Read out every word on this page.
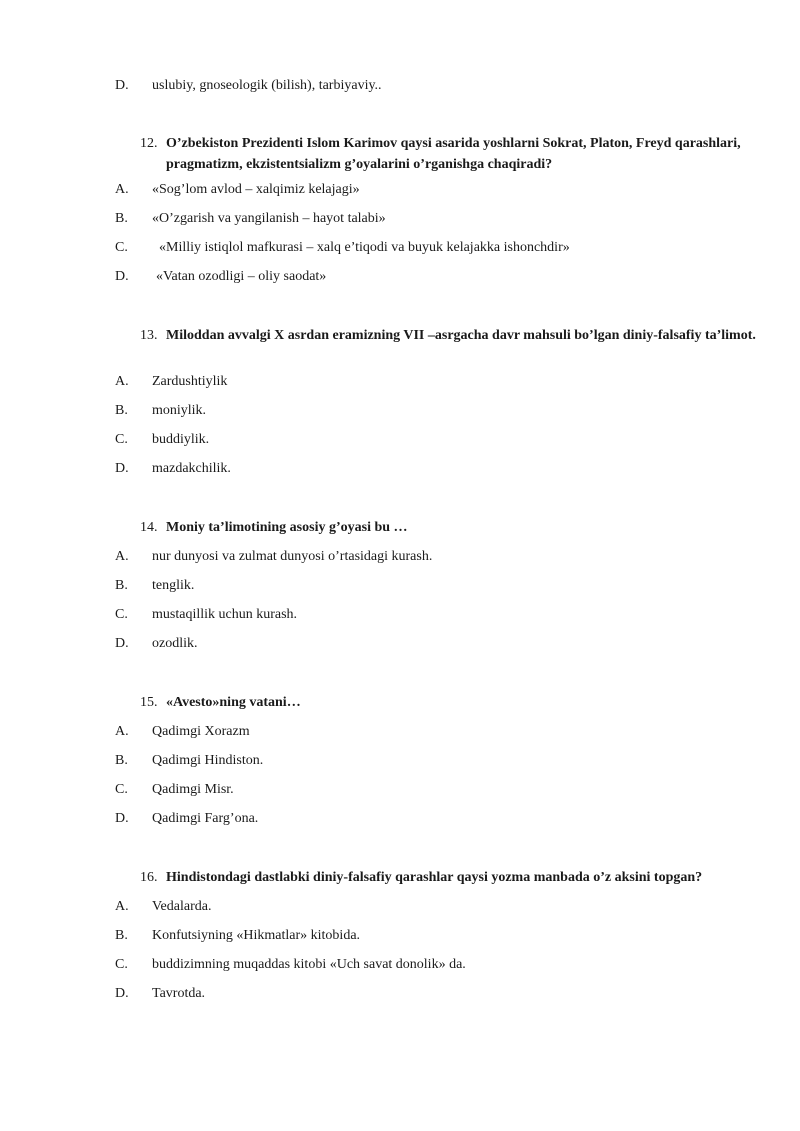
D. uslubiy, gnoseologik (bilish), tarbiyaviy..
12. O’zbekiston Prezidenti Islom Karimov qaysi asarida yoshlarni Sokrat, Platon, Freyd qarashlari, pragmatizm, ekzistentsializm g’oyalarini o’rganishga chaqiradi?
A. «Sog’lom avlod – xalqimiz kelajagi»
B. «O’zgarish va yangilanish – hayot talabi»
C. «Milliy istiqlol mafkurasi – xalq e’tiqodi va buyuk kelajakka ishonchdir»
D. «Vatan ozodligi – oliy saodat»
13. Miloddan avvalgi X asrdan eramizning VII –asrgacha davr mahsuli bo’lgan diniy-falsafiy ta’limot.
A. Zardushtiylik
B. moniylik.
C. buddiylik.
D. mazdakchilik.
14. Moniy ta’limotining asosiy g’oyasi bu …
A. nur dunyosi va zulmat dunyosi o’rtasidagi kurash.
B. tenglik.
C. mustaqillik uchun kurash.
D. ozodlik.
15. «Avesto»ning vatani…
A. Qadimgi Xorazm
B. Qadimgi Hindiston.
C. Qadimgi Misr.
D. Qadimgi Farg’ona.
16. Hindistondagi dastlabki diniy-falsafiy qarashlar qaysi yozma manbada o’z aksini topgan?
A. Vedalarda.
B. Konfutsiyning «Hikmatlar» kitobida.
C. buddizimning muqaddas kitobi «Uch savat donolik» da.
D. Tavrotda.
